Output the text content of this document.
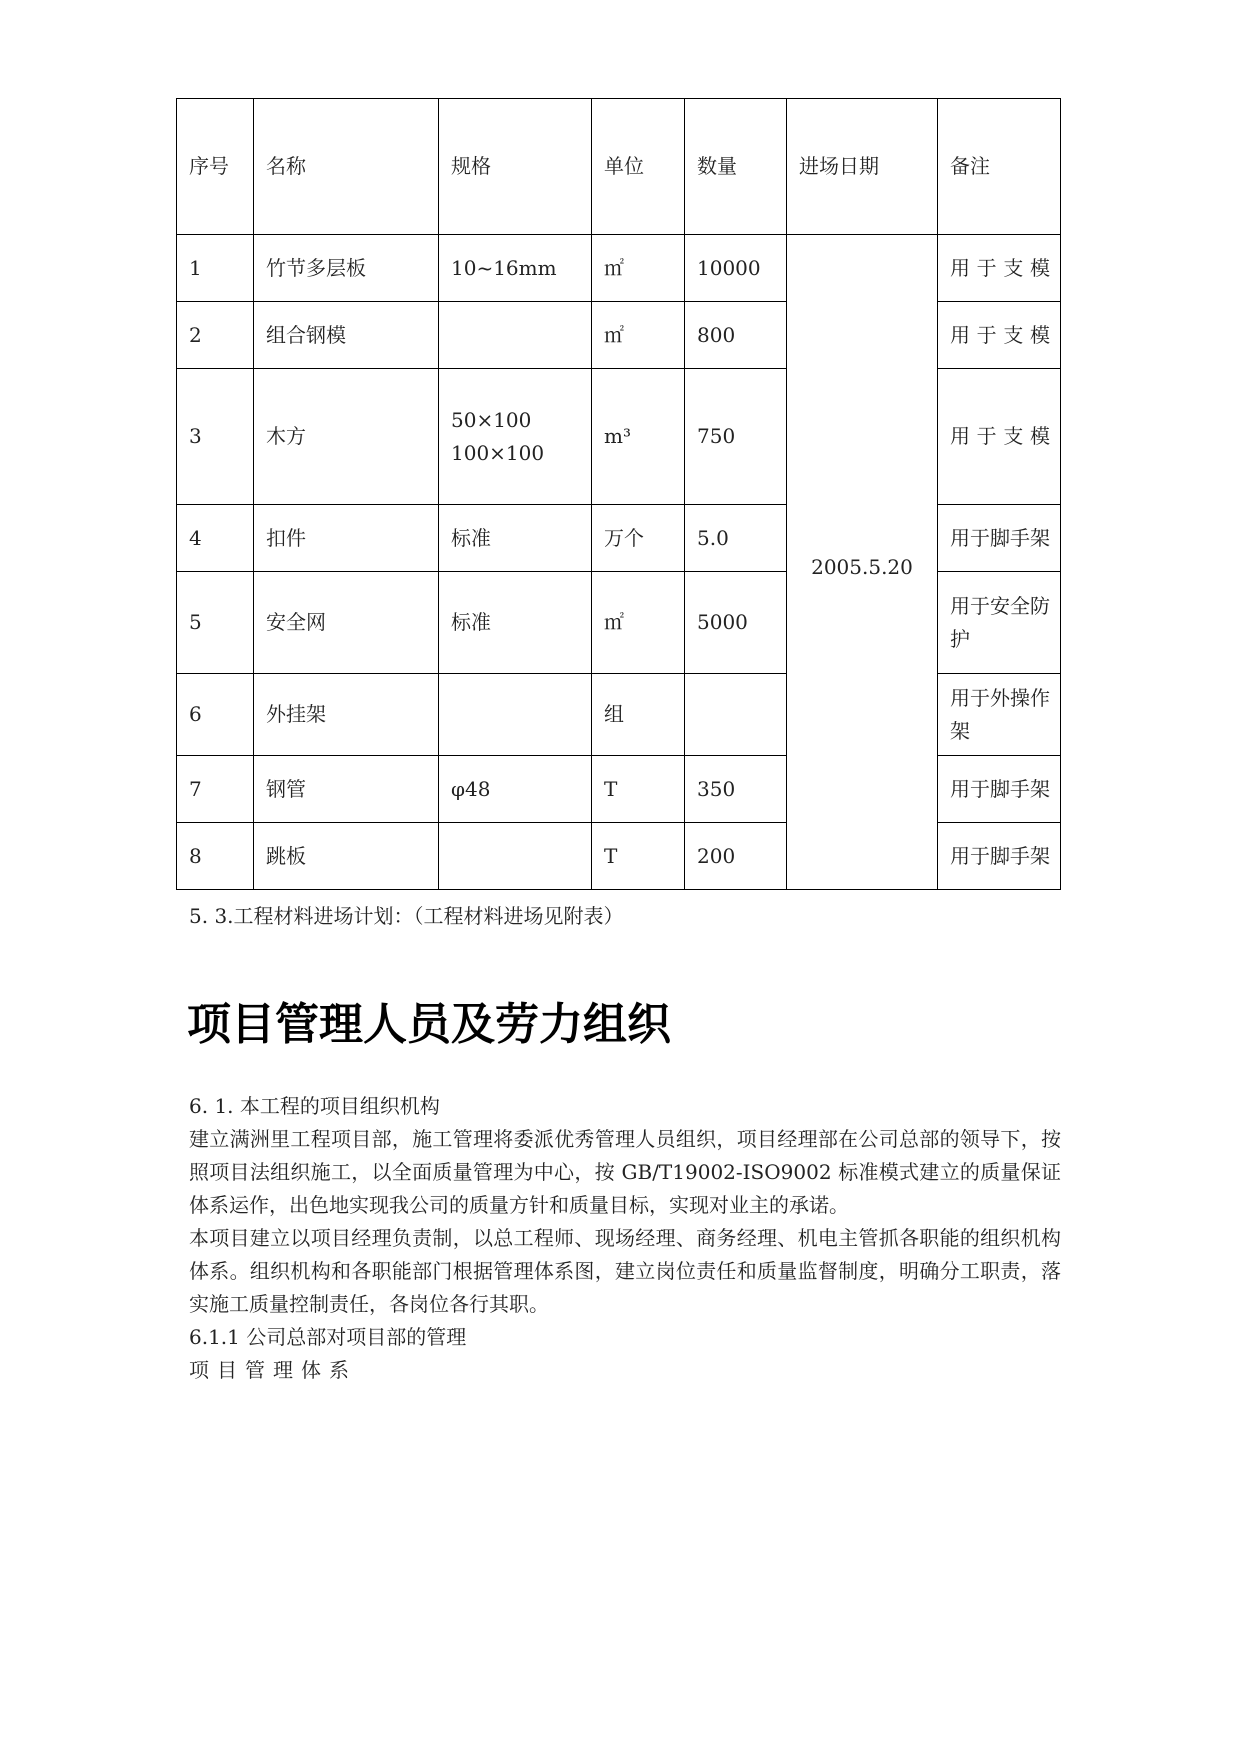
序号	名称	规格	单位	数量	进场日期	备注
1	竹节多层板	10~16mm	㎡	10000	2005.5.20	用于支模
2	组合钢模		㎡	800		用于支模
3	木方	50×100
100×100	m³	750		用于支模
4	扣件	标准	万个	5.0		用于脚手架
5	安全网	标准	㎡	5000		用于安全防护
6	外挂架		组			用于外操作架
7	钢管	φ48	T	350		用于脚手架
8	跳板		T	200		用于脚手架
5. 3.工程材料进场计划：（工程材料进场见附表）
项目管理人员及劳力组织

6. 1. 本工程的项目组织机构

建立满洲里工程项目部，施工管理将委派优秀管理人员组织，项目经理部在公司总部的领导下，按照项目法组织施工，以全面质量管理为中心，按 GB/T19002-ISO9002 标准模式建立的质量保证体系运作，出色地实现我公司的质量方针和质量目标，实现对业主的承诺。

本项目建立以项目经理负责制，以总工程师、现场经理、商务经理、机电主管抓各职能的组织机构体系。组织机构和各职能部门根据管理体系图，建立岗位责任和质量监督制度，明确分工职责，落实施工质量控制责任，各岗位各行其职。

6.1.1 公司总部对项目部的管理

项目管理体系
